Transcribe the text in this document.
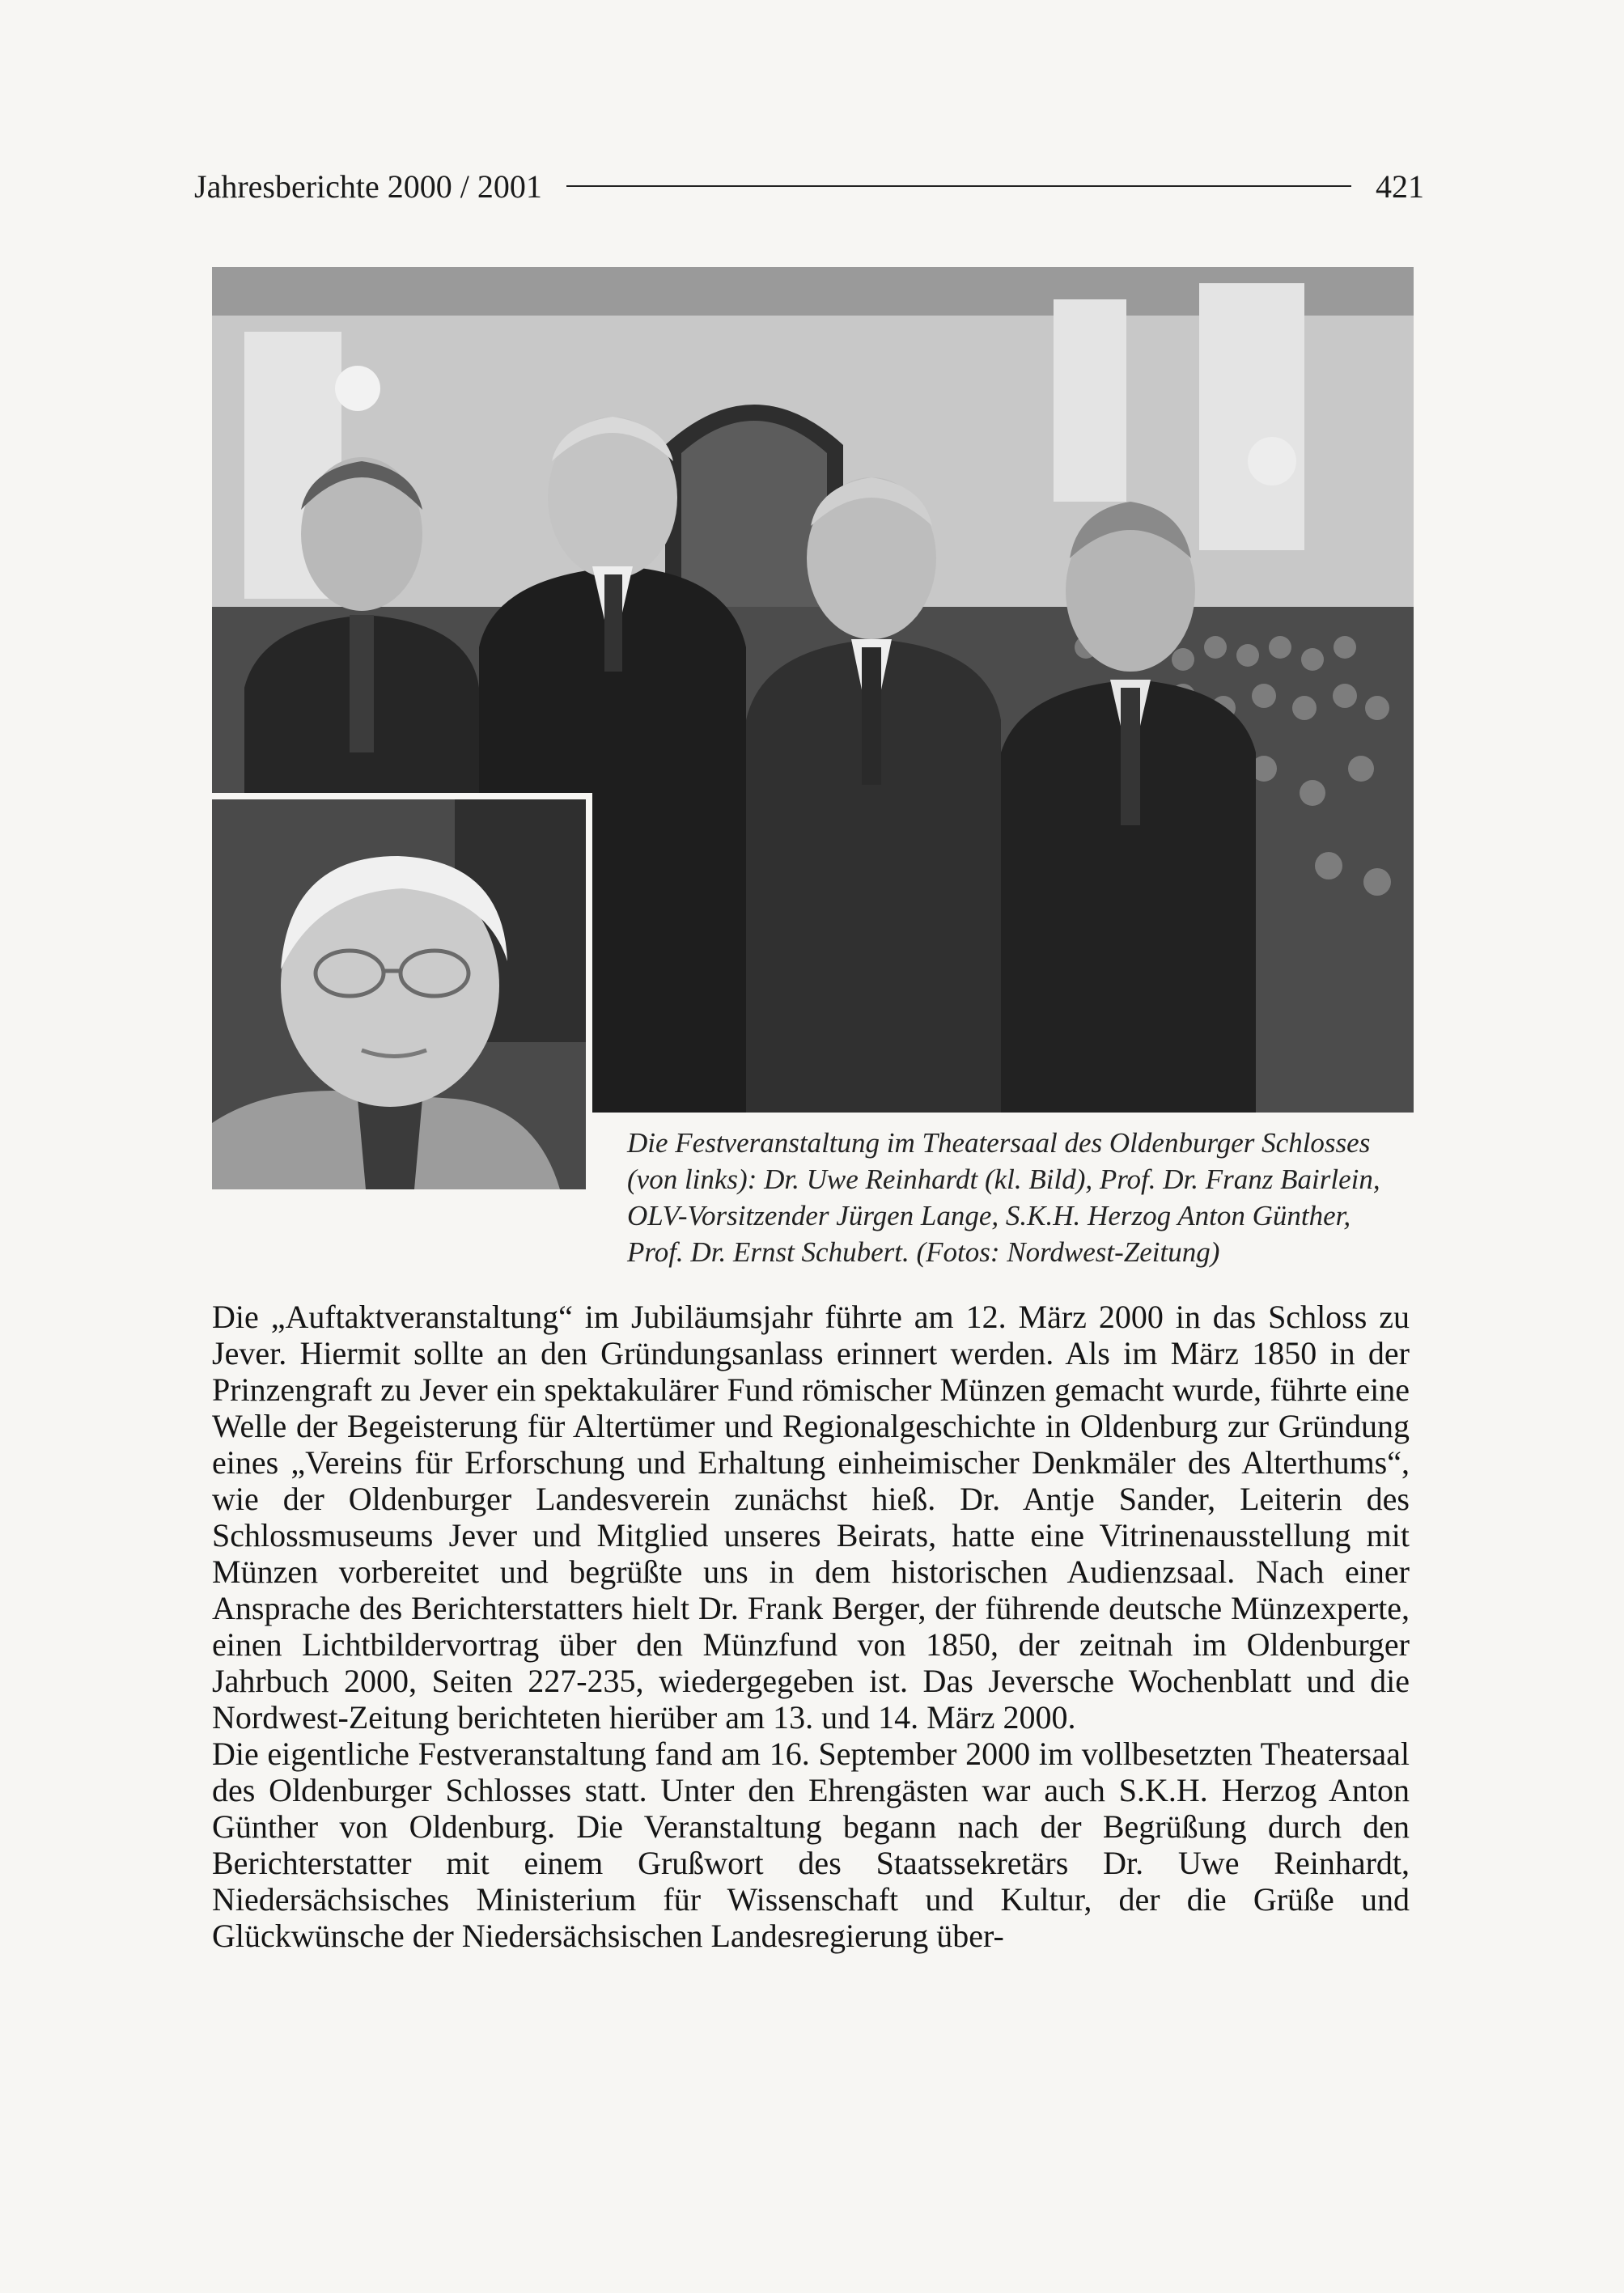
Jahresberichte 2000 / 2001	421
Die Festveranstaltung im Theatersaal des Oldenburger Schlosses (von links): Dr. Uwe Reinhardt (kl. Bild), Prof. Dr. Franz Bairlein, OLV-Vorsitzender Jürgen Lange, S.K.H. Herzog Anton Günther, Prof. Dr. Ernst Schubert. (Fotos: Nordwest-Zeitung)

Die „Auftaktveranstaltung“ im Jubiläumsjahr führte am 12. März 2000 in das Schloss zu Jever. Hiermit sollte an den Gründungsanlass erinnert werden. Als im März 1850 in der Prinzengraft zu Jever ein spektakulärer Fund römischer Münzen gemacht wurde, führte eine Welle der Begeisterung für Altertümer und Regionalgeschichte in Oldenburg zur Gründung eines „Vereins für Erforschung und Erhaltung einheimischer Denkmäler des Alterthums“, wie der Oldenburger Landesverein zunächst hieß. Dr. Antje Sander, Leiterin des Schlossmuseums Jever und Mitglied unseres Beirats, hatte eine Vitrinenausstellung mit Münzen vorbereitet und begrüßte uns in dem historischen Audienzsaal. Nach einer Ansprache des Berichterstatters hielt Dr. Frank Berger, der führende deutsche Münzexperte, einen Lichtbildervortrag über den Münzfund von 1850, der zeitnah im Oldenburger Jahrbuch 2000, Seiten 227-235, wiedergegeben ist. Das Jeversche Wochenblatt und die Nordwest-Zeitung berichteten hierüber am 13. und 14. März 2000.

Die eigentliche Festveranstaltung fand am 16. September 2000 im vollbesetzten Theatersaal des Oldenburger Schlosses statt. Unter den Ehrengästen war auch S.K.H. Herzog Anton Günther von Oldenburg. Die Veranstaltung begann nach der Begrüßung durch den Berichterstatter mit einem Grußwort des Staatssekretärs Dr. Uwe Reinhardt, Niedersächsisches Ministerium für Wissenschaft und Kultur, der die Grüße und Glückwünsche der Niedersächsischen Landesregierung über-
